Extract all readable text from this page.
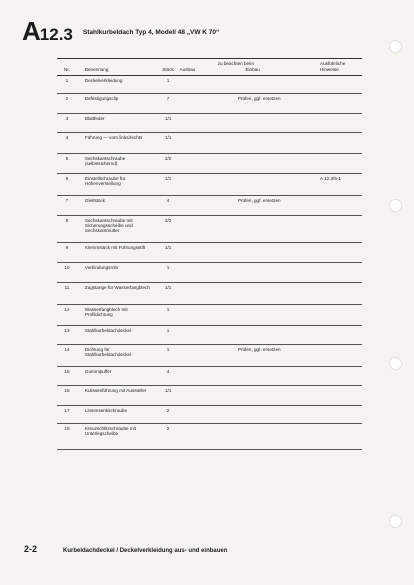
A 12.3 Stahlkurbeldach Typ 4, Modell 48 „VW K 70“
Nr.	Benennung	Stück	zu beachten beim
Ausbau Einbau		Ausführliche Hinweise
1	Deckelverkleidung	1			
2	Befestigungsclip	7		Prüfen, ggf. ersetzen	
3	Blattfeder	1/1			
4	Führung — vorn links/rechts	1/1			
5	Sechskantschraube (selbstsichernd)	2/2			
6	Einstellschraube für Höhenverstellung	1/1			A 12.3/5-1
7	Gleitstück	4		Prüfen, ggf. ersetzen	
8	Sechskantschraube mit Sicherungsscheibe und Sechskantmutter	2/2			
9	Klemmstück mit Führungsstift	1/1			
10	Verbindungsrohr	1			
11	Zugstange für Wasserfangblech	1/1			
12	Wasserfangblech mit Profildichtung	1			
13	Stahlkurbeldachdeckel	1			
14	Dichtung für Stahlkurbeldachdeckel	1		Prüfen, ggf. ersetzen	
15	Gummipuffer	4			
16	Kulissenführung mit Aussteller	1/1			
17	Linsensenkschraube	2			
18	Kreuzschlitzschraube mit Unterlegscheibe	2			
2-2	Kurbeldachdeckel / Deckelverkleidung aus- und einbauen
